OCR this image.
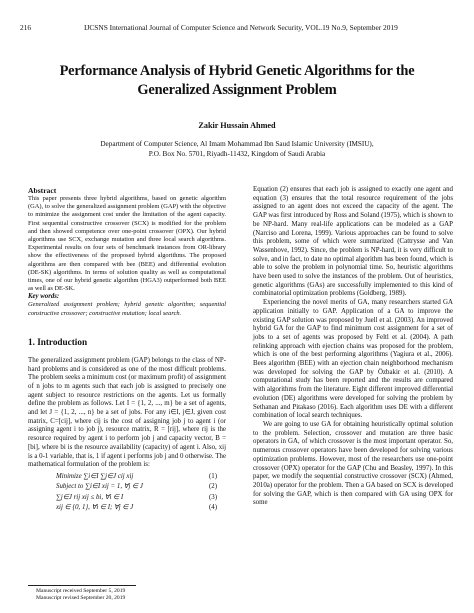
216	IJCSNS International Journal of Computer Science and Network Security, VOL.19 No.9, September 2019
Performance Analysis of Hybrid Genetic Algorithms for the
Generalized Assignment Problem
Zakir Hussain Ahmed
Department of Computer Science, Al Imam Mohammad Ibn Saud Islamic University (IMSIU),
P.O. Box No. 5701, Riyadh-11432, Kingdom of Saudi Arabia

Abstract

This paper presents three hybrid algorithms, based on genetic algorithm (GA), to solve the generalized assignment problem (GAP) with the objective to minimize the assignment cost under the limitation of the agent capacity. First sequential constructive crossover (SCX) is modified for the problem and then showed competence over one-point crossover (OPX). Our hybrid algorithms use SCX, exchange mutation and three local search algorithms. Experimental results on four sets of benchmark instances from OR-library show the effectiveness of the proposed hybrid algorithms. The proposed algorithms are then compared with bee (BEE) and differential evolution (DE-SK) algorithms. In terms of solution quality as well as computational times, one of our hybrid genetic algorithm (HGA3) outperformed both BEE as well as DE-SK.

Key words:

Generalized assignment problem; hybrid genetic algorithm; sequential constructive crossover; constructive mutation; local search.

1. Introduction

The generalized assignment problem (GAP) belongs to the class of NP-hard problems and is considered as one of the most difficult problems. The problem seeks a minimum cost (or maximum profit) of assignment of n jobs to m agents such that each job is assigned to precisely one agent subject to resource restrictions on the agents. Let us formally define the problem as follows. Let I = {1, 2, ..., m} be a set of agents, and let J = {1, 2, ..., n} be a set of jobs. For any i∈I, j∈J, given cost matrix, C=[cij], where cij is the cost of assigning job j to agent i (or assigning agent i to job j), resource matrix, R = [rij], where rij is the resource required by agent i to perform job j and capacity vector, B = [bi], where bi is the resource availability (capacity) of agent i. Also, xij is a 0-1 variable, that is, 1 if agent i performs job j and 0 otherwise. The mathematical formulation of the problem is:

Minimize ∑i∈I ∑j∈J cij xij	(1)
Subject to ∑i∈I xij = 1, ∀j ∈ J	(2)
∑j∈J rij xij ≤ bi, ∀i ∈ I	(3)
xij ∈ {0, 1}, ∀i ∈ I; ∀j ∈ J	(4)

Equation (2) ensures that each job is assigned to exactly one agent and equation (3) ensures that the total resource requirement of the jobs assigned to an agent does not exceed the capacity of the agent. The GAP was first introduced by Ross and Soland (1975), which is shown to be NP-hard. Many real-life applications can be modeled as a GAP (Narciso and Lorena, 1999). Various approaches can be found to solve this problem, some of which were summarized (Cattrysse and Van Wassenhove, 1992). Since, the problem is NP-hard, it is very difficult to solve, and in fact, to date no optimal algorithm has been found, which is able to solve the problem in polynomial time. So, heuristic algorithms have been used to solve the instances of the problem. Out of heuristics, genetic algorithms (GAs) are successfully implemented to this kind of combinatorial optimization problems (Goldberg, 1989).

Experiencing the novel merits of GA, many researchers started GA application initially to GAP. Application of a GA to improve the existing GAP solution was proposed by Juell et al. (2003). An improved hybrid GA for the GAP to find minimum cost assignment for a set of jobs to a set of agents was proposed by Feltl et al. (2004). A path relinking approach with ejection chains was proposed for the problem, which is one of the best performing algorithms (Yagiura et al., 2006). Bees algorithm (BEE) with an ejection chain neighborhood mechanism was developed for solving the GAP by Özbakir et al. (2010). A computational study has been reported and the results are compared with algorithms from the literature. Eight different improved differential evolution (DE) algorithms were developed for solving the problem by Sethanan and Pitakaso (2016). Each algorithm uses DE with a different combination of local search techniques.

We are going to use GA for obtaining heuristically optimal solution to the problem. Selection, crossover and mutation are three basic operators in GA, of which crossover is the most important operator. So, numerous crossover operators have been developed for solving various optimization problems. However, most of the researchers use one-point crossover (OPX) operator for the GAP (Chu and Beasley, 1997). In this paper, we modify the sequential constructive crossover (SCX) (Ahmed, 2010a) operator for the problem. Then a GA based on SCX is developed for solving the GAP, which is then compared with GA using OPX for some

Manuscript received September 5, 2019
Manuscript revised September 20, 2019
